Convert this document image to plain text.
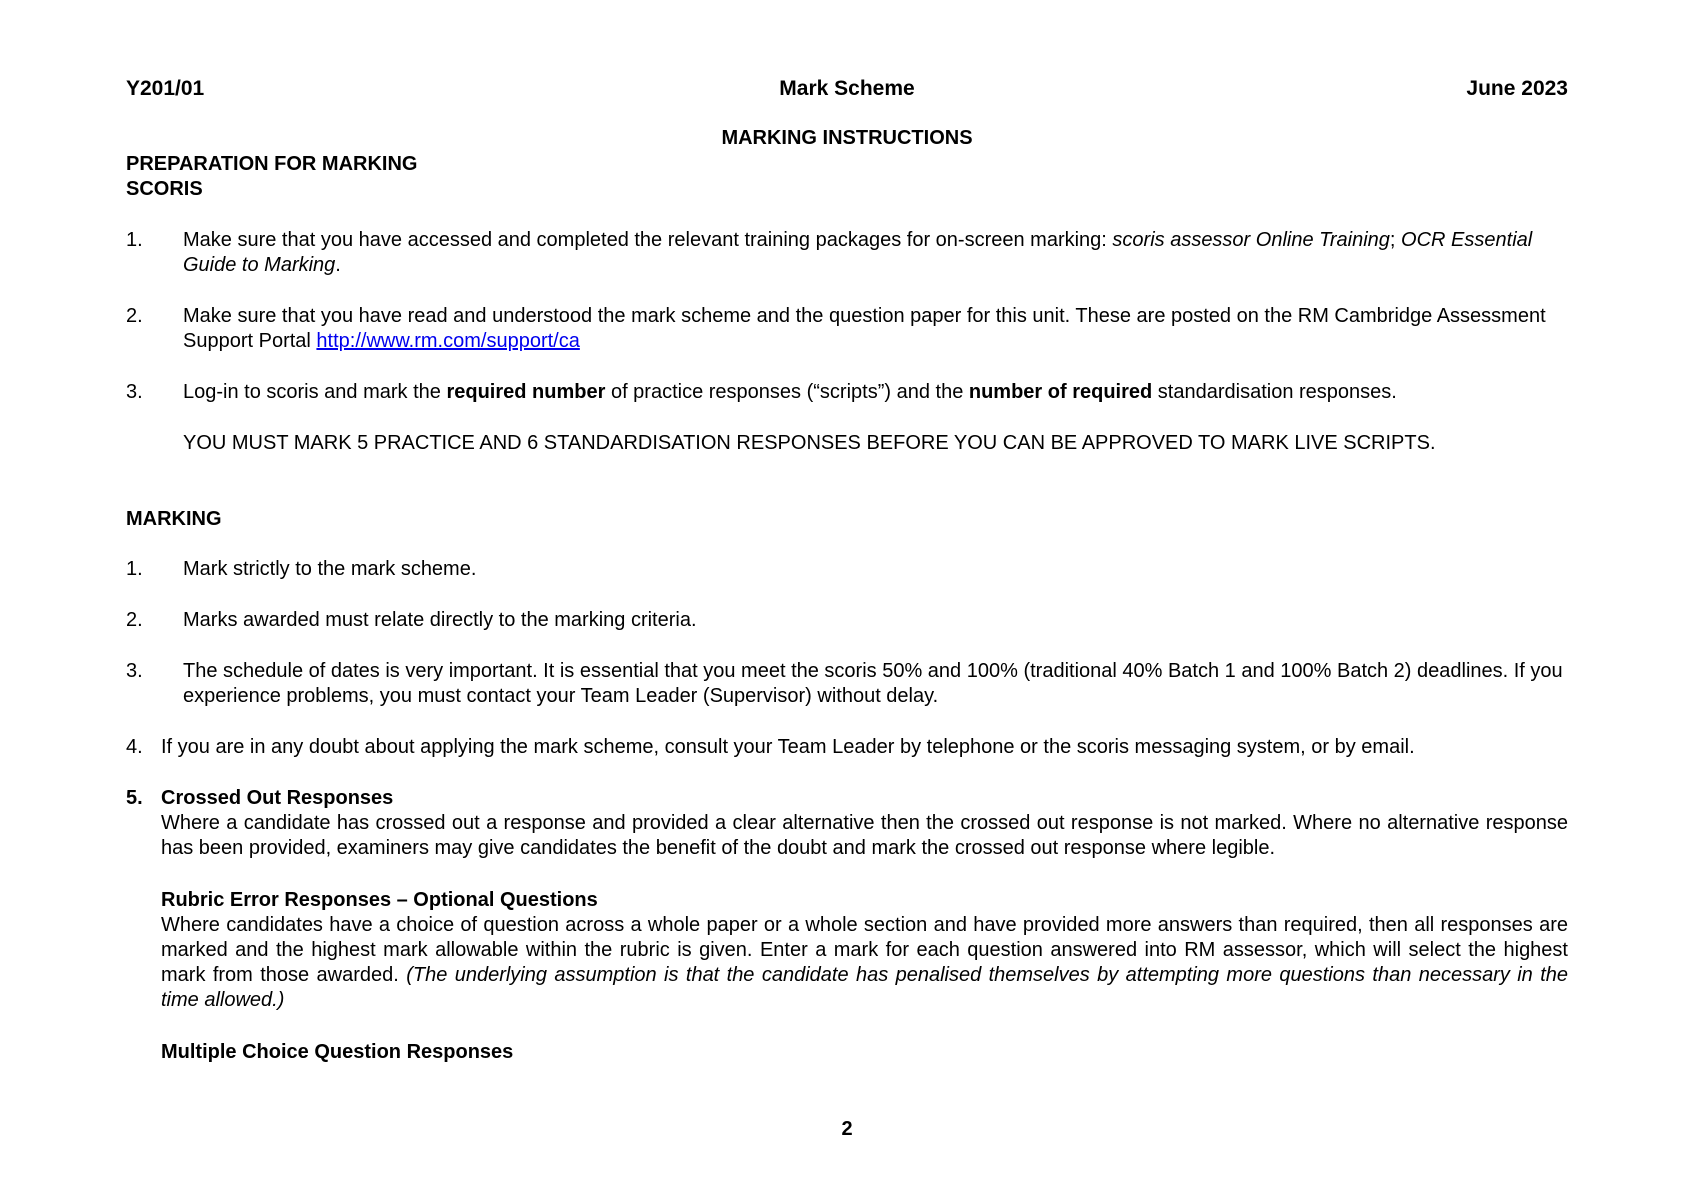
Y201/01	Mark Scheme	June 2023
MARKING INSTRUCTIONS
PREPARATION FOR MARKING
SCORIS
1. Make sure that you have accessed and completed the relevant training packages for on-screen marking: scoris assessor Online Training; OCR Essential Guide to Marking.
2. Make sure that you have read and understood the mark scheme and the question paper for this unit. These are posted on the RM Cambridge Assessment Support Portal http://www.rm.com/support/ca
3. Log-in to scoris and mark the required number of practice responses (“scripts”) and the number of required standardisation responses.
YOU MUST MARK 5 PRACTICE AND 6 STANDARDISATION RESPONSES BEFORE YOU CAN BE APPROVED TO MARK LIVE SCRIPTS.
MARKING
1. Mark strictly to the mark scheme.
2. Marks awarded must relate directly to the marking criteria.
3. The schedule of dates is very important. It is essential that you meet the scoris 50% and 100% (traditional 40% Batch 1 and 100% Batch 2) deadlines. If you experience problems, you must contact your Team Leader (Supervisor) without delay.
4. If you are in any doubt about applying the mark scheme, consult your Team Leader by telephone or the scoris messaging system, or by email.
5. Crossed Out Responses
Where a candidate has crossed out a response and provided a clear alternative then the crossed out response is not marked. Where no alternative response has been provided, examiners may give candidates the benefit of the doubt and mark the crossed out response where legible.
Rubric Error Responses – Optional Questions
Where candidates have a choice of question across a whole paper or a whole section and have provided more answers than required, then all responses are marked and the highest mark allowable within the rubric is given. Enter a mark for each question answered into RM assessor, which will select the highest mark from those awarded. (The underlying assumption is that the candidate has penalised themselves by attempting more questions than necessary in the time allowed.)
Multiple Choice Question Responses
2
